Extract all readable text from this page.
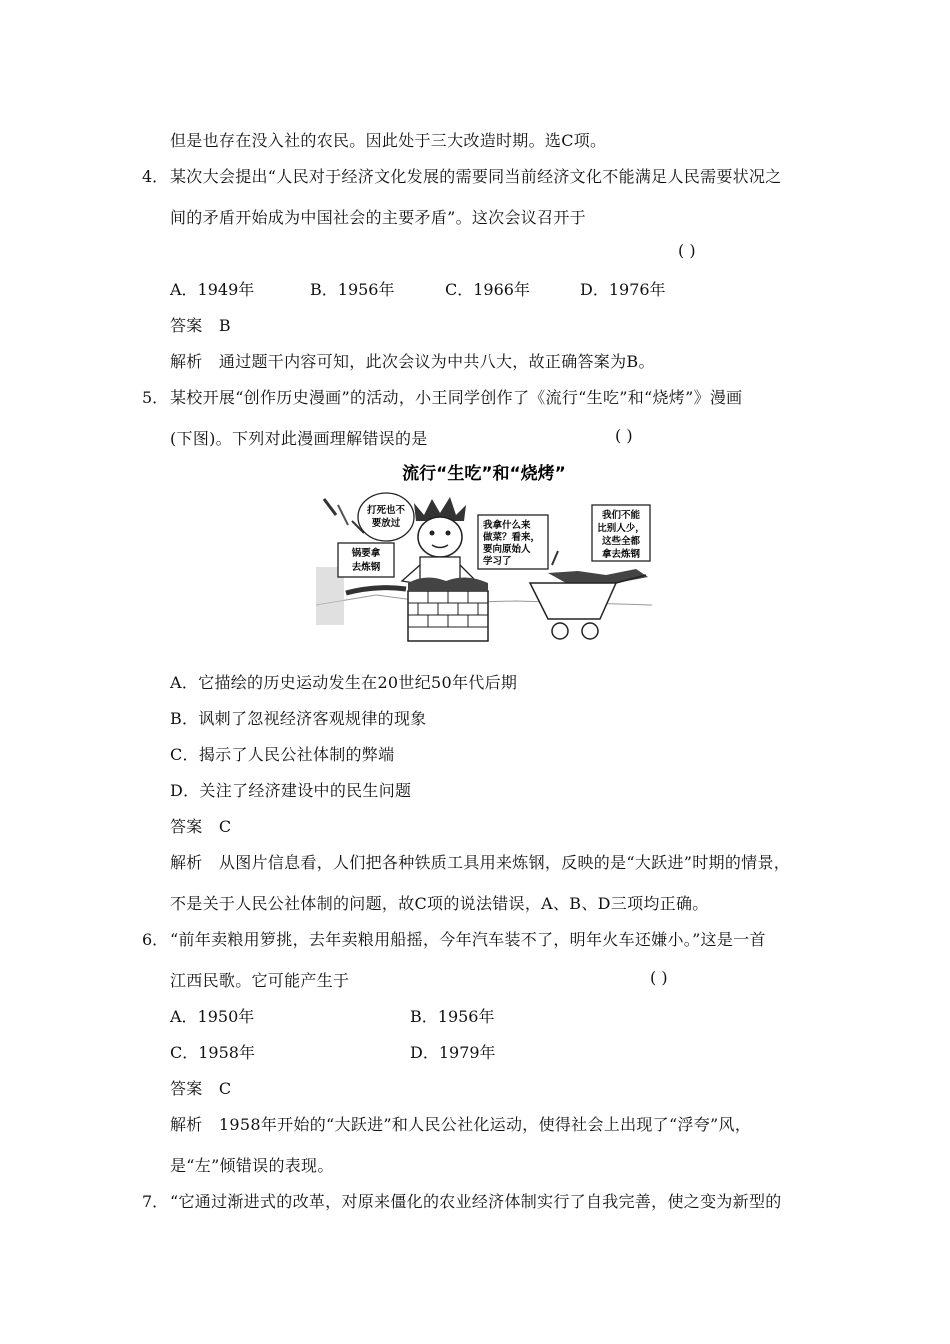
但是也存在没入社的农民。因此处于三大改造时期。选C项。
4． 某次大会提出“人民对于经济文化发展的需要同当前经济文化不能满足人民需要状况之
间的矛盾开始成为中国社会的主要矛盾”。这次会议召开于
( )
A．1949年	B．1956年	C．1966年	D．1976年
答案　B
解析　通过题干内容可知，此次会议为中共八大，故正确答案为B。
5． 某校开展“创作历史漫画”的活动，小王同学创作了《流行“生吃”和“烧烤”》漫画
(下图)。下列对此漫画理解错误的是	( )
流行“生吃”和“烧烤”
打死也不
要放过
锅要拿
去炼钢
我拿什么来
做菜？看来，
要向原始人
学习了
我们不能
比别人少，
这些全都
拿去炼钢
A．它描绘的历史运动发生在20世纪50年代后期
B．讽刺了忽视经济客观规律的现象
C．揭示了人民公社体制的弊端
D．关注了经济建设中的民生问题
答案　C
解析　从图片信息看，人们把各种铁质工具用来炼钢，反映的是“大跃进”时期的情景，
不是关于人民公社体制的问题，故C项的说法错误，A、B、D三项均正确。
6． “前年卖粮用箩挑，去年卖粮用船摇，今年汽车装不了，明年火车还嫌小。”这是一首
江西民歌。它可能产生于	( )
A．1950年	B．1956年
C．1958年	D．1979年
答案　C
解析　1958年开始的“大跃进”和人民公社化运动，使得社会上出现了“浮夸”风，
是“左”倾错误的表现。
7． “它通过渐进式的改革，对原来僵化的农业经济体制实行了自我完善，使之变为新型的
